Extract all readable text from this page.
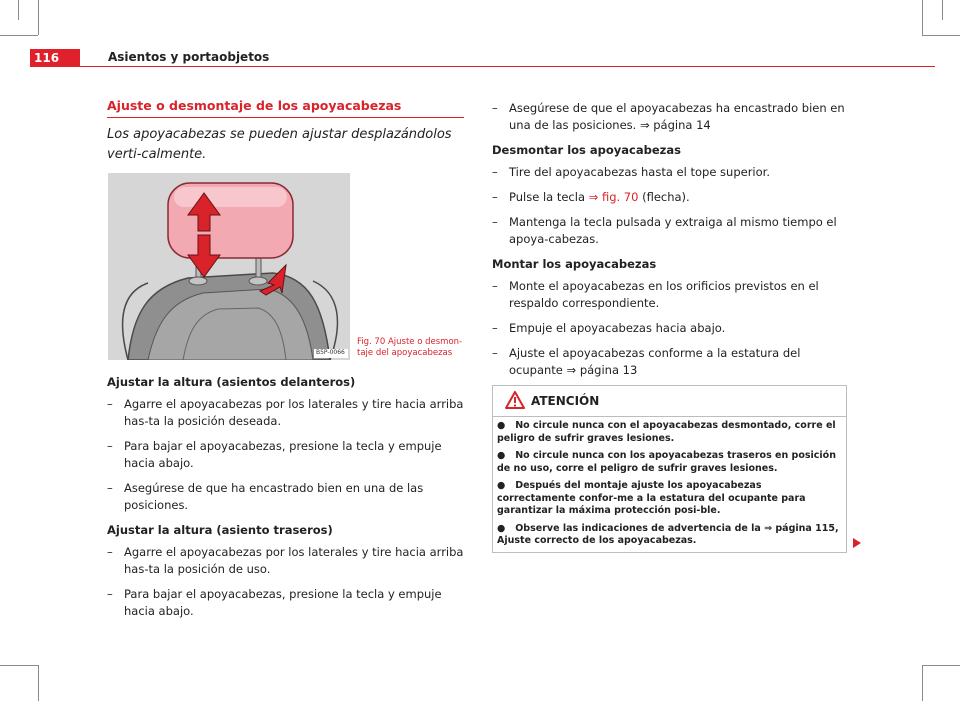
116	Asientos y portaobjetos
Ajuste o desmontaje de los apoyacabezas
Los apoyacabezas se pueden ajustar desplazándolos verti-calmente.
B5P-0066
Fig. 70 Ajuste o desmon-taje del apoyacabezas
Ajustar la altura (asientos delanteros)
– Agarre el apoyacabezas por los laterales y tire hacia arriba has-ta la posición deseada.
– Para bajar el apoyacabezas, presione la tecla y empuje hacia abajo.
– Asegúrese de que ha encastrado bien en una de las posiciones.
Ajustar la altura (asiento traseros)
– Agarre el apoyacabezas por los laterales y tire hacia arriba has-ta la posición de uso.
– Para bajar el apoyacabezas, presione la tecla y empuje hacia abajo.
– Asegúrese de que el apoyacabezas ha encastrado bien en una de las posiciones. ⇒ página 14
Desmontar los apoyacabezas
– Tire del apoyacabezas hasta el tope superior.
– Pulse la tecla ⇒ fig. 70 (flecha).
– Mantenga la tecla pulsada y extraiga al mismo tiempo el apoya-cabezas.
Montar los apoyacabezas
– Monte el apoyacabezas en los orificios previstos en el respaldo correspondiente.
– Empuje el apoyacabezas hacia abajo.
– Ajuste el apoyacabezas conforme a la estatura del ocupante ⇒ página 13
ATENCIÓN

●   No circule nunca con el apoyacabezas desmontado, corre el peligro de sufrir graves lesiones.

●   No circule nunca con los apoyacabezas traseros en posición de no uso, corre el peligro de sufrir graves lesiones.

●   Después del montaje ajuste los apoyacabezas correctamente confor-me a la estatura del ocupante para garantizar la máxima protección posi-ble.

●   Observe las indicaciones de advertencia de la ⇒ página 115, Ajuste correcto de los apoyacabezas.
